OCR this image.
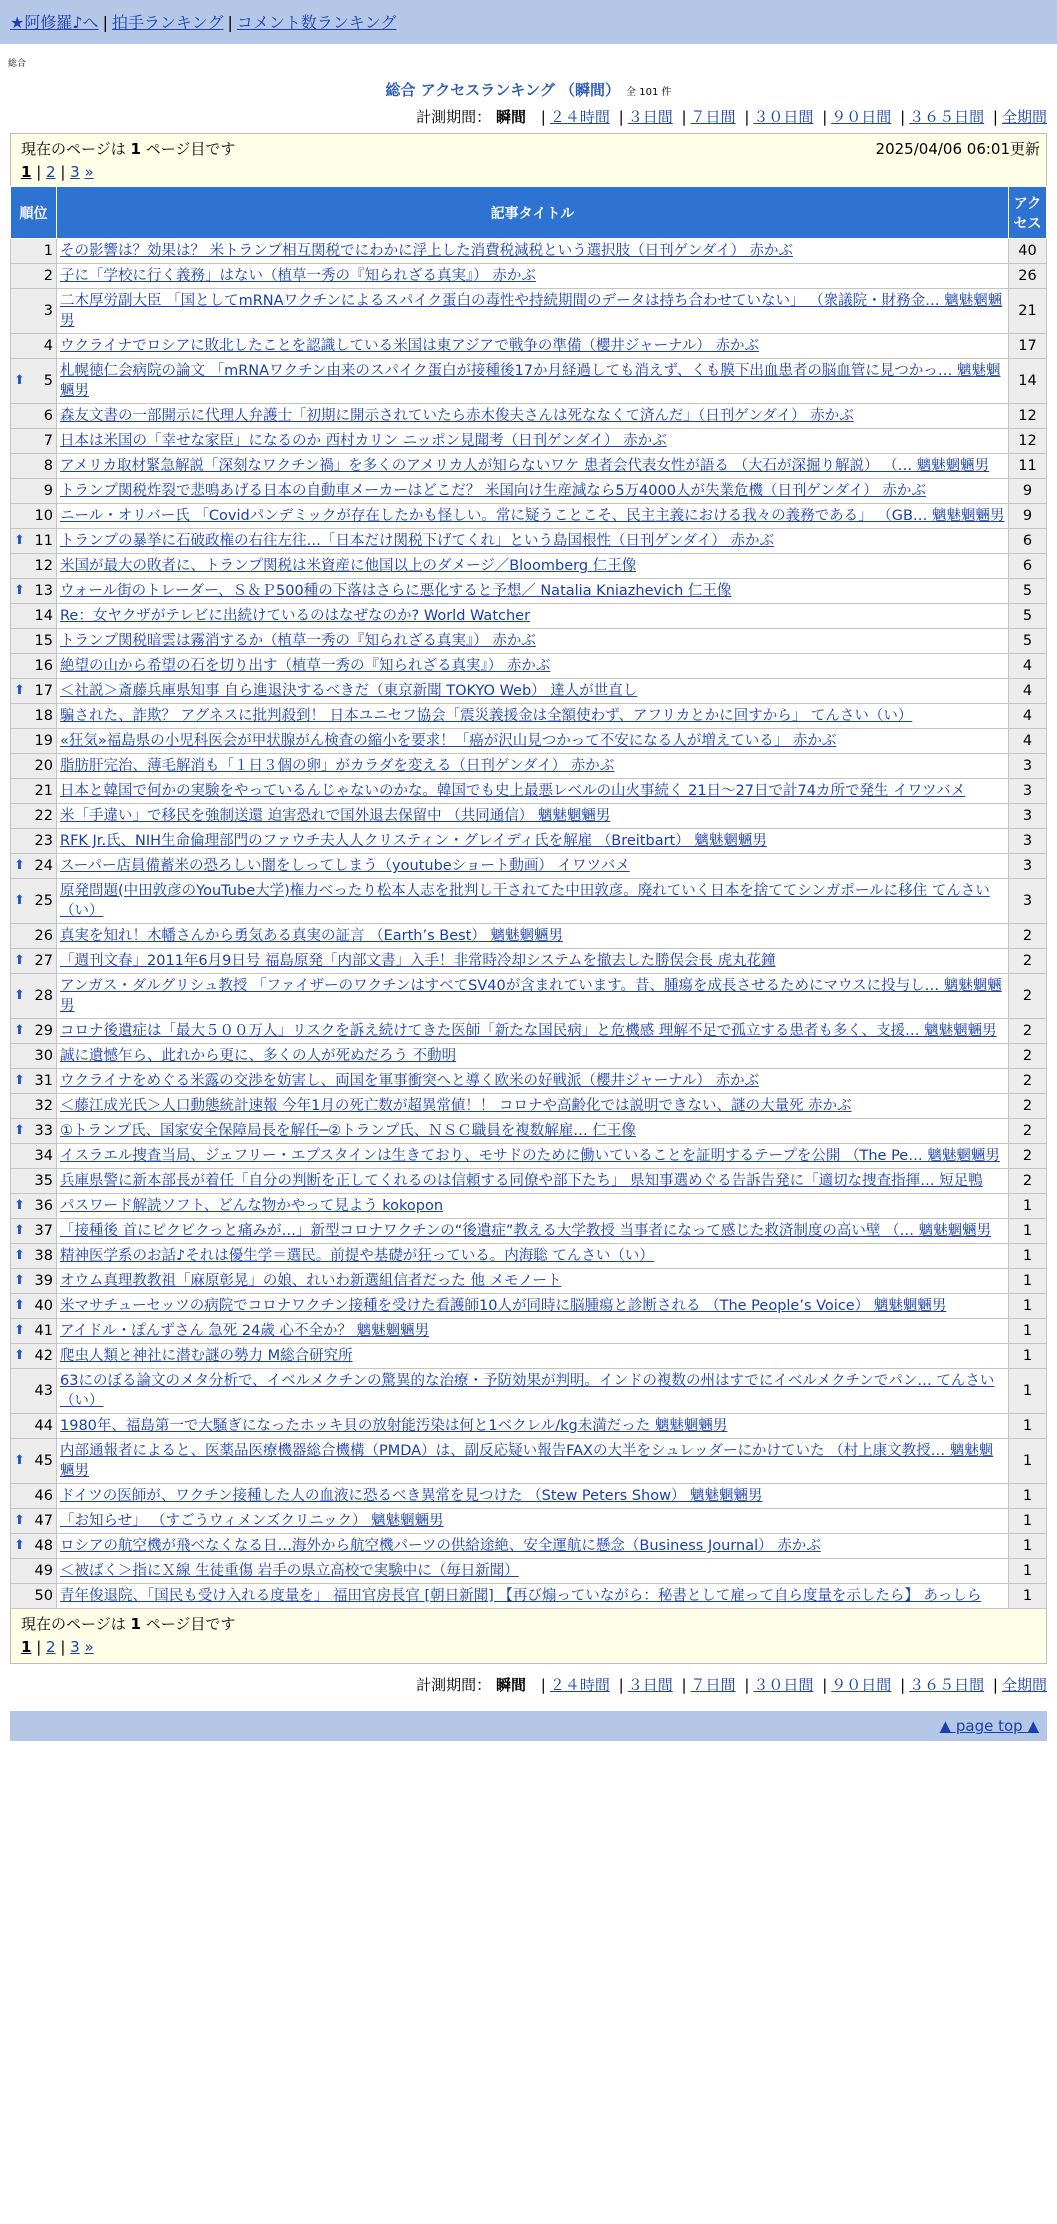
★阿修羅♪へ | 拍手ランキング | コメント数ランキング
総合
総合 アクセスランキング （瞬間） 全 101 件
計測期間： 瞬間 | ２４時間 | ３日間 | ７日間 | ３０日間 | ９０日間 | ３６５日間 | 全期間
現在のページは 1 ページ目です	2025/04/06 06:01更新
1 | 2 | 3 »
順位	記事タイトル	アクセス
1	その影響は？効果は？ 米トランプ相互関税でにわかに浮上した消費税減税という選択肢（日刊ゲンダイ） 赤かぶ	40
2	子に「学校に行く義務」はない（植草一秀の『知られざる真実』） 赤かぶ	26
3	二木厚労副大臣 「国としてmRNAワクチンによるスパイク蛋白の毒性や持続期間のデータは持ち合わせていない」 （衆議院・財務金… 魑魅魍魎男	21
4	ウクライナでロシアに敗北したことを認識している米国は東アジアで戦争の準備（櫻井ジャーナル） 赤かぶ	17

⬆ 5	札幌徳仁会病院の論文 「mRNAワクチン由来のスパイク蛋白が接種後17か月経過しても消えず、くも膜下出血患者の脳血管に見つかっ… 魑魅魍魎男	14
6	森友文書の一部開示に代理人弁護士「初期に開示されていたら赤木俊夫さんは死ななくて済んだ」（日刊ゲンダイ） 赤かぶ	12
7	日本は米国の「幸せな家臣」になるのか 西村カリン ニッポン見聞考（日刊ゲンダイ） 赤かぶ	12
8	アメリカ取材緊急解説「深刻なワクチン禍」を多くのアメリカ人が知らないワケ 患者会代表女性が語る （大石が深掘り解説） （… 魑魅魍魎男	11
9	トランプ関税炸裂で悲鳴あげる日本の自動車メーカーはどこだ？ 米国向け生産減なら5万4000人が失業危機（日刊ゲンダイ） 赤かぶ	9
10	ニール・オリバー氏 「Covidパンデミックが存在したかも怪しい。常に疑うことこそ、民主主義における我々の義務である」 （GB… 魑魅魍魎男	9

⬆ 11	トランプの暴挙に石破政権の右往左往…「日本だけ関税下げてくれ」という島国根性（日刊ゲンダイ） 赤かぶ	6
12	米国が最大の敗者に、トランプ関税は米資産に他国以上のダメージ／Bloomberg 仁王像	6

⬆ 13	ウォール街のトレーダー、Ｓ＆Ｐ500種の下落はさらに悪化すると予想／ Natalia Kniazhevich 仁王像	5
14	Re：女ヤクザがテレビに出続けているのはなぜなのか? World Watcher	5
15	トランプ関税暗雲は霧消するか（植草一秀の『知られざる真実』） 赤かぶ	5
16	絶望の山から希望の石を切り出す（植草一秀の『知られざる真実』） 赤かぶ	4

⬆ 17	＜社説＞斎藤兵庫県知事 自ら進退決するべきだ（東京新聞 TOKYO Web） 達人が世直し	4
18	騙された、詐欺？ アグネスに批判殺到！ 日本ユニセフ協会「震災義援金は全額使わず、アフリカとかに回すから」 てんさい（い）	4
19	«狂気»福島県の小児科医会が甲状腺がん検査の縮小を要求！「癌が沢山見つかって不安になる人が増えている」 赤かぶ	4
20	脂肪肝完治、薄毛解消も「１日３個の卵」がカラダを変える（日刊ゲンダイ） 赤かぶ	3
21	日本と韓国で何かの実験をやっているんじゃないのかな。韓国でも史上最悪レベルの山火事続く 21日～27日で計74カ所で発生 イワツバメ	3
22	米「手違い」で移民を強制送還 迫害恐れで国外退去保留中 （共同通信） 魑魅魍魎男	3
23	RFK Jr.氏、NIH生命倫理部門のファウチ夫人人クリスティン・グレイディ氏を解雇 （Breitbart） 魑魅魍魎男	3

⬆ 24	スーパー店員備蓄米の恐ろしい闇をしってしまう（youtubeショート動画） イワツバメ	3

⬆ 25	原発問題(中田敦彦のYouTube大学)権力べったり松本人志を批判し干されてた中田敦彦。廃れていく日本を捨ててシンガポールに移住 てんさい（い）	3
26	真実を知れ！木幡さんから勇気ある真実の証言 （Earth’s Best） 魑魅魍魎男	2

⬆ 27	「週刊文春」2011年6月9日号 福島原発「内部文書」入手！非常時冷却システムを撤去した勝俣会長 虎丸花鐘	2

⬆ 28	アンガス・ダルグリシュ教授 「ファイザーのワクチンはすべてSV40が含まれています。昔、腫瘍を成長させるためにマウスに投与し… 魑魅魍魎男	2

⬆ 29	コロナ後遺症は「最大５００万人」リスクを訴え続けてきた医師「新たな国民病」と危機感 理解不足で孤立する患者も多く、支援… 魑魅魍魎男	2
30	誠に遺憾乍ら、此れから更に、多くの人が死ぬだろう 不動明	2

⬆ 31	ウクライナをめぐる米露の交渉を妨害し、両国を軍事衝突へと導く欧米の好戦派（櫻井ジャーナル） 赤かぶ	2
32	＜藤江成光氏＞人口動態統計速報 今年1月の死亡数が超異常値！！ コロナや高齢化では説明できない、謎の大量死 赤かぶ	2

⬆ 33	①トランプ氏、国家安全保障局長を解任─②トランプ氏、ＮＳＣ職員を複数解雇… 仁王像	2
34	イスラエル捜査当局、ジェフリー・エプスタインは生きており、モサドのために働いていることを証明するテープを公開 （The Pe… 魑魅魍魎男	2
35	兵庫県警に新本部長が着任「自分の判断を正してくれるのは信頼する同僚や部下たち」 県知事選めぐる告訴告発に「適切な捜査指揮… 短足鴨	2

⬆ 36	パスワード解読ソフト、どんな物かやって見よう kokopon	1

⬆ 37	「接種後 首にピクピクっと痛みが…」新型コロナワクチンの“後遺症”教える大学教授 当事者になって感じた救済制度の高い壁 （… 魑魅魍魎男	1

⬆ 38	精神医学系のお話♪それは優生学＝選民。前提や基礎が狂っている。内海聡 てんさい（い）	1

⬆ 39	オウム真理教教祖「麻原彰晃」の娘、れいわ新選組信者だった 他 メモノート	1

⬆ 40	米マサチューセッツの病院でコロナワクチン接種を受けた看護師10人が同時に脳腫瘍と診断される （The People’s Voice） 魑魅魍魎男	1

⬆ 41	アイドル・ぽんずさん 急死 24歳 心不全か？ 魑魅魍魎男	1

⬆ 42	爬虫人類と神社に潜む謎の勢力 M総合研究所	1
43	63にのぼる論文のメタ分析で、イベルメクチンの驚異的な治療・予防効果が判明。インドの複数の州はすでにイベルメクチンでパン… てんさい（い）	1
44	1980年、福島第一で大騒ぎになったホッキ貝の放射能汚染は何と1ベクレル/kg未満だった 魑魅魍魎男	1

⬆ 45	内部通報者によると、医薬品医療機器総合機構（PMDA）は、副反応疑い報告FAXの大半をシュレッダーにかけていた （村上康文教授… 魑魅魍魎男	1
46	ドイツの医師が、ワクチン接種した人の血液に恐るべき異常を見つけた （Stew Peters Show） 魑魅魍魎男	1

⬆ 47	「お知らせ」 （すごうウィメンズクリニック） 魑魅魍魎男	1

⬆ 48	ロシアの航空機が飛べなくなる日…海外から航空機パーツの供給途絶、安全運航に懸念（Business Journal） 赤かぶ	1
49	＜被ばく＞指にＸ線 生徒重傷 岩手の県立高校で実験中に（毎日新聞）	1
50	青年俊退院、「国民も受け入れる度量を」 福田官房長官 [朝日新聞] 【再び煽っていながら：秘書として雇って自ら度量を示したら】 あっしら	1
現在のページは 1 ページ目です
1 | 2 | 3 »
計測期間： 瞬間 | ２４時間 | ３日間 | ７日間 | ３０日間 | ９０日間 | ３６５日間 | 全期間
▲ page top ▲
